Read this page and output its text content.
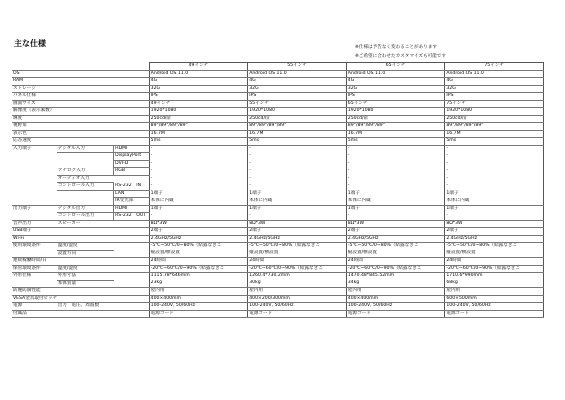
主な仕様	※仕様は予告なく変わることがあります
※ご希望に合わせたカスタマイズも可能です
			49インチ	55インチ	65インチ	75インチ
OS			Android OS 11.0	Android OS 11.0	Android OS 11.0	Android OS 11.0
RAM			4G	4G	4G	4G
ストレージ			32G	32G	32G	32G
パネル仕様			IPS	IPS	IPS	IPS
画面サイズ			49インチ	55インチ	65インチ	75インチ
解像度（表示素数）			1920*1080	1920*1080	1920*1080	1920*1080
輝度			250cd/㎡	250cd/㎡	250cd/㎡	250cd/㎡
視野角			89°/89°/89°/89°	89°/89°/89°/89°	89°/89°/89°/89°	89°/89°/89°/89°
表示色			16.7M	16.7M	16.7M	16.7M
応答速度			5ms	5ms	5ms	5ms
入力端子	デジタル入力	HDMI	-	-	-	-
		DisplayPort	-	-	-	-
		DVI-D	-	-	-	-
	アナログ入力	RGB	-	-	-	-
	オーディオ入力		-	-	-	-
	コントロール入力	RS-232　IN	-	-	-	-
		LAN	1端子	1端子	1端子	1端子
		IR受光部	本体に内蔵	本体に内蔵	本体に内蔵	本体に内蔵
出力端子	デジタル出力	HDMI	1端子	1端子	1端子	1端子
	コントロール出力	RS-232　OUT	-	-	-	-
音声出力	スピーカー		8Ω*3W	8Ω*3W	8Ω*3W	8Ω*3W
USB端子			2端子	2端子	2端子	2端子
Wi-Fi			2.4GHz/5GHz	2.4GHz/5GHz	2.4GHz/5GHz	2.4GHz/5GHz
使用環境条件	温度/湿度		-5℃~50℃/0~80%（結露なきこ	-5℃~50℃/0~80%（結露なきこ	-5℃~50℃/0~80%（結露なきこ	-5℃~50℃/0~80%（結露なきこ
	設置方向		縦設置/横設置	縦設置/横設置	縦設置/横設置	縦設置/横設置
連続稼働時間/日			24時間	24時間	24時間	24時間
保管環境条件	温度/湿度		-20℃~60℃/0~90%（結露なきこ	-20℃~60℃/0~90%（結露なきこ	-20℃~60℃/0~90%（結露なきこ	-20℃~60℃/0~90%（結露なきこ
外形仕様	外形寸法		1115.78*646mm	1260.4*730.2mm	1470.48*845.52mm	1710.6*990mm
	本体質量		23kg	30kg	34kg	68kg
防塵防滴性能			屋内用	屋内用	屋内用	屋内用
VESA金具取付ピッチ			400×400mm	400×200/300mm	400×400mm	600×500mm
電源	出力　電圧、周波数		100-240V, 50/60Hz	100-240V, 50/60Hz	100-240V, 50/60Hz	100-240V, 50/60Hz
付属品			電源コード	電源コード	電源コード	電源コード
